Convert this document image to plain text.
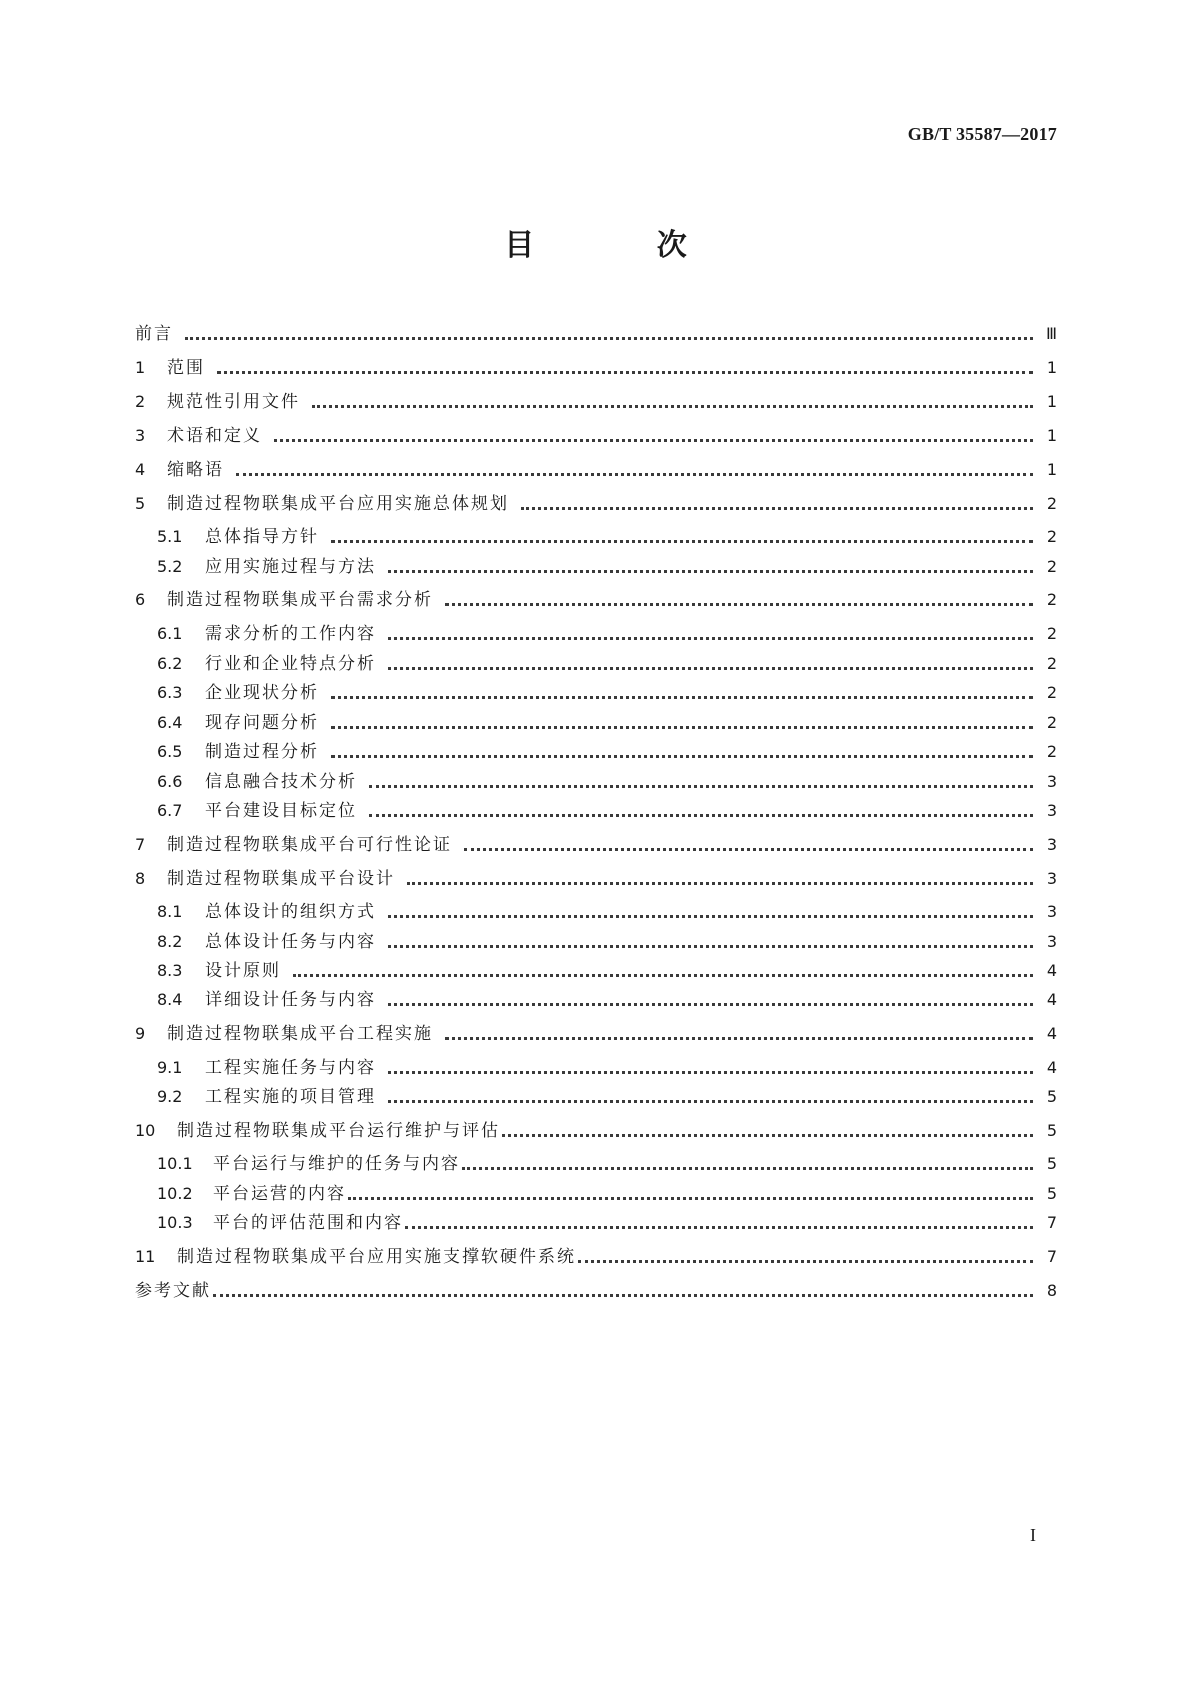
GB/T 35587—2017
目 次
前言	Ⅲ
1	范围	1
2	规范性引用文件	1
3	术语和定义	1
4	缩略语	1
5	制造过程物联集成平台应用实施总体规划	2
5.1	总体指导方针	2
5.2	应用实施过程与方法	2
6	制造过程物联集成平台需求分析	2
6.1	需求分析的工作内容	2
6.2	行业和企业特点分析	2
6.3	企业现状分析	2
6.4	现存问题分析	2
6.5	制造过程分析	2
6.6	信息融合技术分析	3
6.7	平台建设目标定位	3
7	制造过程物联集成平台可行性论证	3
8	制造过程物联集成平台设计	3
8.1	总体设计的组织方式	3
8.2	总体设计任务与内容	3
8.3	设计原则	4
8.4	详细设计任务与内容	4
9	制造过程物联集成平台工程实施	4
9.1	工程实施任务与内容	4
9.2	工程实施的项目管理	5
10	制造过程物联集成平台运行维护与评估	5
10.1	平台运行与维护的任务与内容	5
10.2	平台运营的内容	5
10.3	平台的评估范围和内容	7
11	制造过程物联集成平台应用实施支撑软硬件系统	7
参考文献	8
I
